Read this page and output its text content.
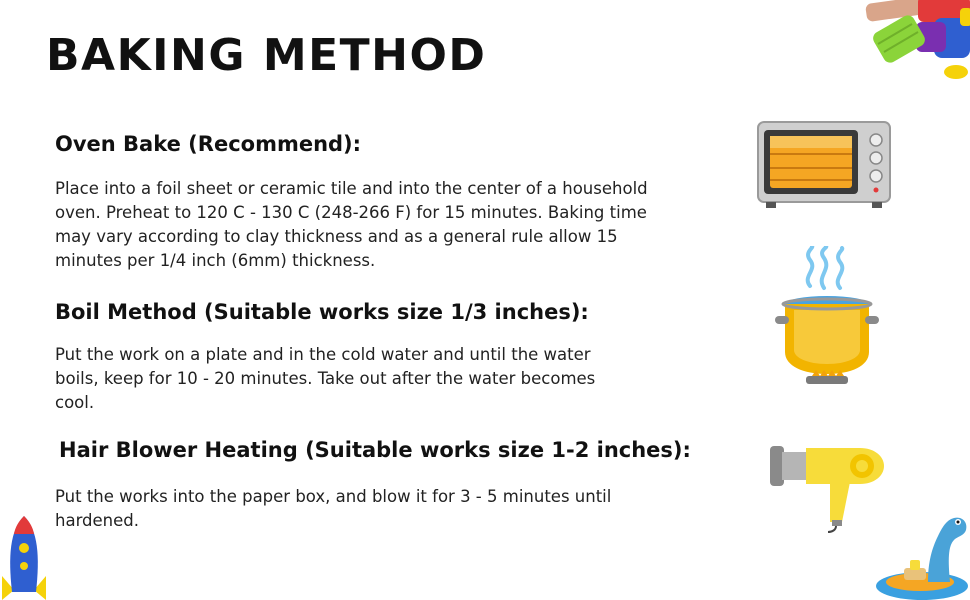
BAKING METHOD
Oven Bake (Recommend):
Place into a foil sheet or ceramic tile and into the center of a household    oven. Preheat to 120 C - 130 C (248-266 F) for 15 minutes. Baking time may vary according to clay thickness and as a general rule allow 15 minutes per 1/4 inch (6mm) thickness.
Boil Method (Suitable works size 1/3 inches):
Put the work on a plate and in the cold water and until the water boils, keep for 10 - 20 minutes. Take out after the water becomes cool.
Hair Blower Heating (Suitable works size 1-2 inches):
Put the works into the paper box, and blow it for 3 - 5 minutes until hardened.
